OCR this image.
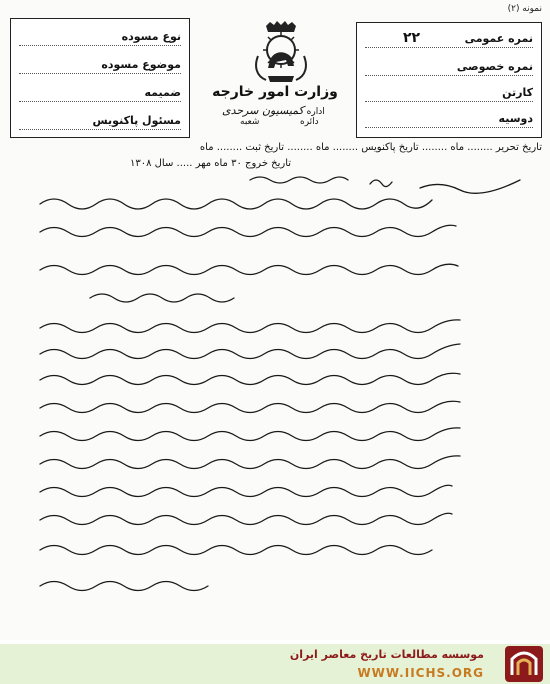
نمونه (۲)
نوع مسوده
موضوع مسوده
ضمیمه
مسئول پاکنویس
وزارت امور خارجه
اداره کمیسیون سرحدی
دائره
شعبه
نمره عمومی
۲۲
نمره خصوصی
کارتن
دوسیه
تاریخ تحریر ........ ماه ........ تاریخ پاکنویس ........ ماه ........ تاریخ ثبت ........ ماه
تاریخ خروج ۳۰ ماه مهر ..... سال ۱۳۰۸
موسسه مطالعات تاریخ معاصر ایران
WWW.IICHS.ORG
